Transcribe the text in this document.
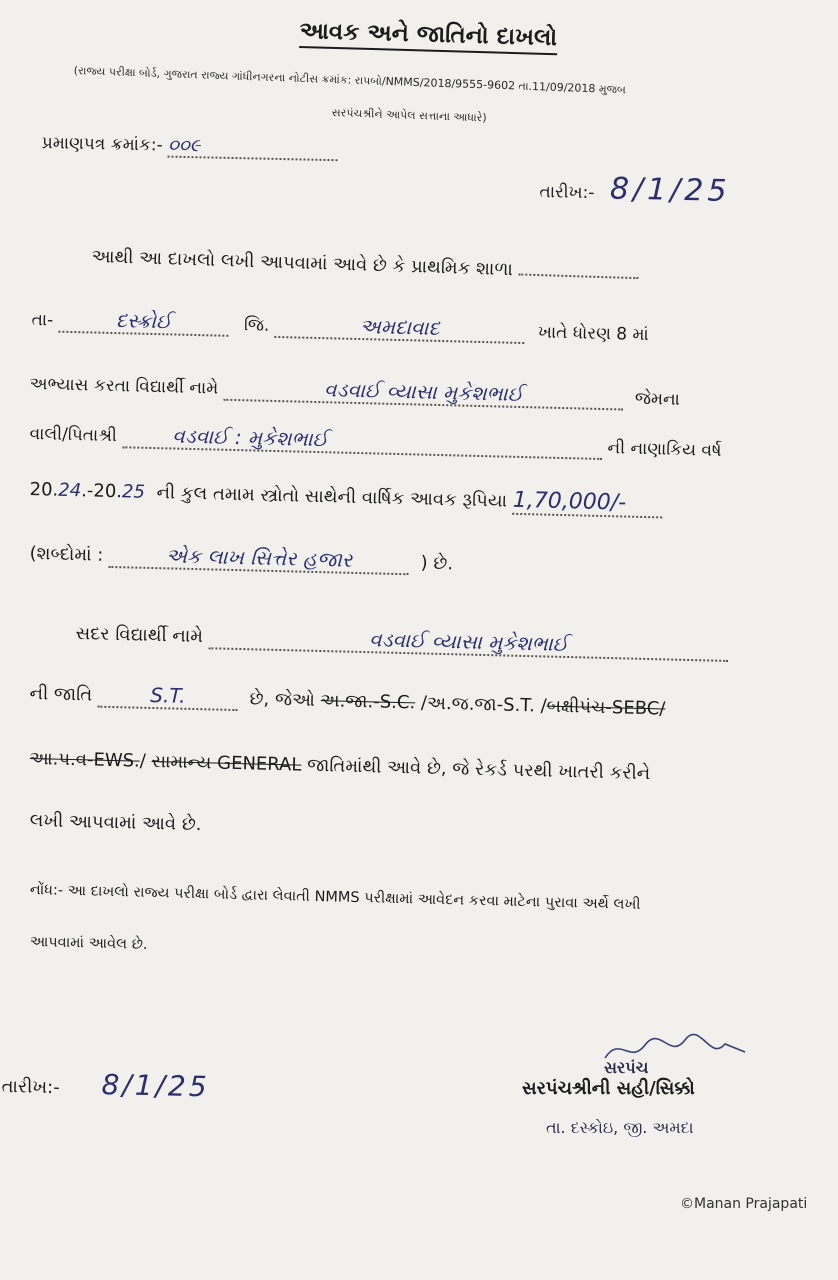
આવક અને જાતિનો દાખલો
(રાજ્ય પરીક્ષા બોર્ડ, ગુજરાત રાજ્ય ગાંધીનગરના નોટીસ ક્રમાંક: રાપબો/NMMS/2018/9555-9602 તા.11/09/2018 મુજબ
સરપંચશ્રીને આપેલ સત્તાના આધારે)
પ્રમાણપત્ર ક્રમાંક:- ૦૦૯
તારીખ:- 8/1/25
આથી આ દાખલો લખી આપવામાં આવે છે કે પ્રાથમિક શાળા
તા-	દસ્ક્રોઈ	જિ.	અમદાવાદ	ખાતે ધોરણ 8 માં
અભ્યાસ કરતા વિદ્યાર્થી નામે	વડવાઈ વ્યાસા મુકેશભાઈ	જેમના
વાલી/પિતાશ્રી	વડવાઈ : મુકેશભાઈ	ની નાણાકિય વર્ષ
20.24.-20.25 ની કુલ તમામ સ્ત્રોતો સાથેની વાર્ષિક આવક રૂપિયા 1,70,000/-
(શબ્દોમાં :	એક લાખ સિત્તેર હજાર	) છે.
સદર વિદ્યાર્થી નામે	વડવાઈ વ્યાસા મુકેશભાઈ
ની જાતિ	S.T.	છે, જેઓ અ.જા.-S.C. /અ.જ.જા-S.T. /બક્ષીપંચ-SEBC/
આ.પ.વ-EWS./ સામાન્ય GENERAL જાતિમાંથી આવે છે, જે રેકર્ડ પરથી ખાતરી કરીને
લખી આપવામાં આવે છે.
નોંધ:- આ દાખલો રાજ્ય પરીક્ષા બોર્ડ દ્વારા લેવાતી NMMS પરીક્ષામાં આવેદન કરવા માટેના પુરાવા અર્થે લખી
આપવામાં આવેલ છે.
તારીખ:- 8/1/25
સરપંચ
સરપંચશ્રીની સહી/સિક્કો
તા. દસ્કોઇ, જી. અમદા
©Manan Prajapati
